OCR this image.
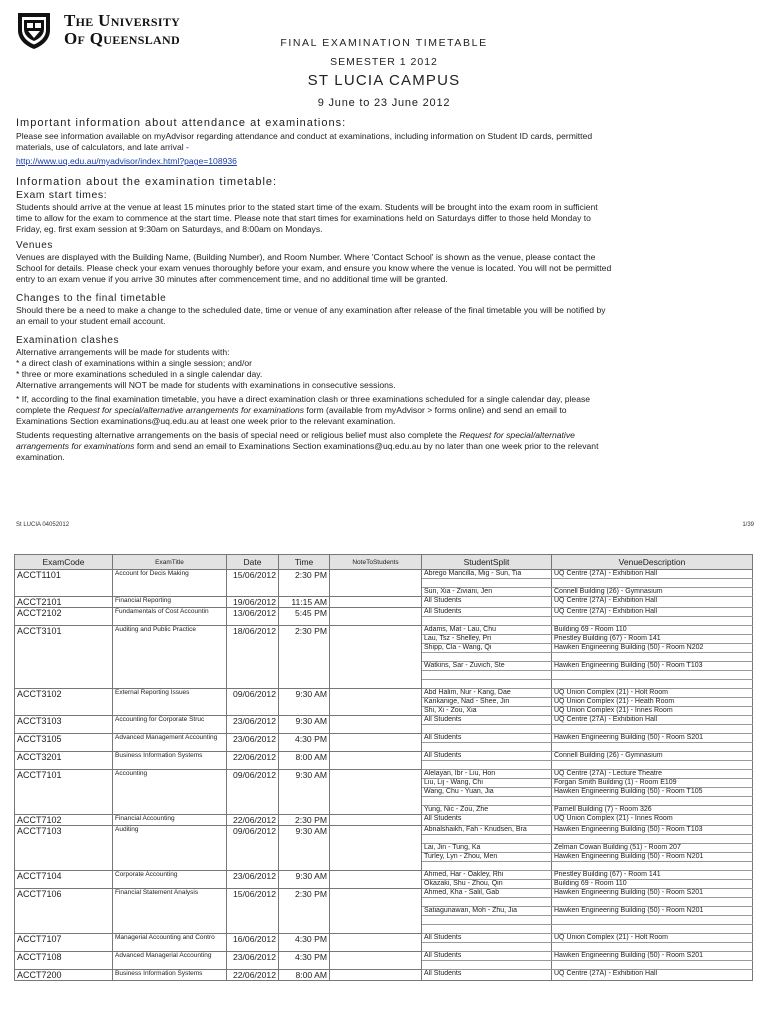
The University
Of Queensland	FINAL EXAMINATION TIMETABLE
SEMESTER 1 2012
ST LUCIA CAMPUS
9 June to 23 June 2012
Important information about attendance at examinations:

Please see information available on myAdvisor regarding attendance and conduct at examinations, including information on Student ID cards, permitted
materials, use of calculators, and late arrival -

http://www.uq.edu.au/myadvisor/index.html?page=108936

Information about the examination timetable:
Exam start times:

Students should arrive at the venue at least 15 minutes prior to the stated start time of the exam. Students will be brought into the exam room in sufficient
time to allow for the exam to commence at the start time. Please note that start times for examinations held on Saturdays differ to those held Monday to
Friday, eg. first exam session at 9:30am on Saturdays, and 8:00am on Mondays.

Venues

Venues are displayed with the Building Name, (Building Number), and Room Number. Where 'Contact School' is shown as the venue, please contact the
School for details. Please check your exam venues thoroughly before your exam, and ensure you know where the venue is located. You will not be permitted
entry to an exam venue if you arrive 30 minutes after commencement time, and no additional time will be granted.

Changes to the final timetable

Should there be a need to make a change to the scheduled date, time or venue of any examination after release of the final timetable you will be notified by
an email to your student email account.

Examination clashes

Alternative arrangements will be made for students with:
* a direct clash of examinations within a single session; and/or
* three or more examinations scheduled in a single calendar day.
Alternative arrangements will NOT be made for students with examinations in consecutive sessions.

* If, according to the final examination timetable, you have a direct examination clash or three examinations scheduled for a single calendar day, please
complete the Request for special/alternative arrangements for examinations form (available from myAdvisor > forms online) and send an email to
Examinations Section examinations@uq.edu.au at least one week prior to the relevant examination.

Students requesting alternative arrangements on the basis of special need or religious belief must also complete the Request for special/alternative
arrangements for examinations form and send an email to Examinations Section examinations@uq.edu.au by no later than one week prior to the relevant
examination.

St LUCIA 04052012	1/39
ExamCode	ExamTitle	Date	Time	NoteToStudents	StudentSplit	VenueDescription
ACCT1101	Account for Decis Making	15/06/2012	2:30 PM		Abrego Mancilla, Mig - Sun, Tia	UQ Centre (27A) - Exhibition Hall

					Sun, Xia - Ziviani, Jen	Connell Building (26) - Gymnasium
ACCT2101	Financial Reporting	19/06/2012	11:15 AM		All Students	UQ Centre (27A) - Exhibition Hall
ACCT2102	Fundamentals of Cost Accountin	13/06/2012	5:45 PM		All Students	UQ Centre (27A) - Exhibition Hall

ACCT3101	Auditing and Public Practice	18/06/2012	2:30 PM		Adams, Mat - Lau, Chu	Building 69 - Room 110
					Lau, Tsz - Shelley, Pri	Priestley Building (67) - Room 141
					Shipp, Cla - Wang, Qi	Hawken Engineering Building (50) - Room N202

					Watkins, Sar - Zuvich, Ste	Hawken Engineering Building (50) - Room T103

ACCT3102	External Reporting Issues	09/06/2012	9:30 AM		Abd Halim, Nur - Kang, Dae	UQ Union Complex (21) - Holt Room
					Kankanige, Nad - Shee, Jin	UQ Union Complex (21) - Heath Room
					Shi, Xi - Zou, Xia	UQ Union Complex (21) - Innes Room
ACCT3103	Accounting for Corporate Struc	23/06/2012	9:30 AM		All Students	UQ Centre (27A) - Exhibition Hall

ACCT3105	Advanced Management Accounting	23/06/2012	4:30 PM		All Students	Hawken Engineering Building (50) - Room S201

ACCT3201	Business Information Systems	22/06/2012	8:00 AM		All Students	Connell Building (26) - Gymnasium

ACCT7101	Accounting	09/06/2012	9:30 AM		Alelayan, Ibr - Liu, Hon	UQ Centre (27A) - Lecture Theatre
					Liu, Lij - Wang, Chi	Forgan Smith Building (1) - Room E109
					Wang, Chu - Yuan, Jia	Hawken Engineering Building (50) - Room T105

					Yung, Nic - Zou, Zhe	Parnell Building (7) - Room 326
ACCT7102	Financial Accounting	22/06/2012	2:30 PM		All Students	UQ Union Complex (21) - Innes Room
ACCT7103	Auditing	09/06/2012	9:30 AM		Abnalshaikh, Fah - Knudsen, Bra	Hawken Engineering Building (50) - Room T103

					Lai, Jin - Tung, Ka	Zelman Cowan Building (51) - Room 207
					Turley, Lyn - Zhou, Men	Hawken Engineering Building (50) - Room N201

ACCT7104	Corporate Accounting	23/06/2012	9:30 AM		Ahmed, Har - Oakley, Rhi	Priestley Building (67) - Room 141
					Okazaki, Shu - Zhou, Qin	Building 69 - Room 110
ACCT7106	Financial Statement Analysis	15/06/2012	2:30 PM		Ahmed, Kha - Salil, Gab	Hawken Engineering Building (50) - Room S201

					Satiagunawan, Moh - Zhu, Jia	Hawken Engineering Building (50) - Room N201

ACCT7107	Managerial Accounting and Contro	16/06/2012	4:30 PM		All Students	UQ Union Complex (21) - Holt Room

ACCT7108	Advanced Managerial Accounting	23/06/2012	4:30 PM		All Students	Hawken Engineering Building (50) - Room S201

ACCT7200	Business Information Systems	22/06/2012	8:00 AM		All Students	UQ Centre (27A) - Exhibition Hall
